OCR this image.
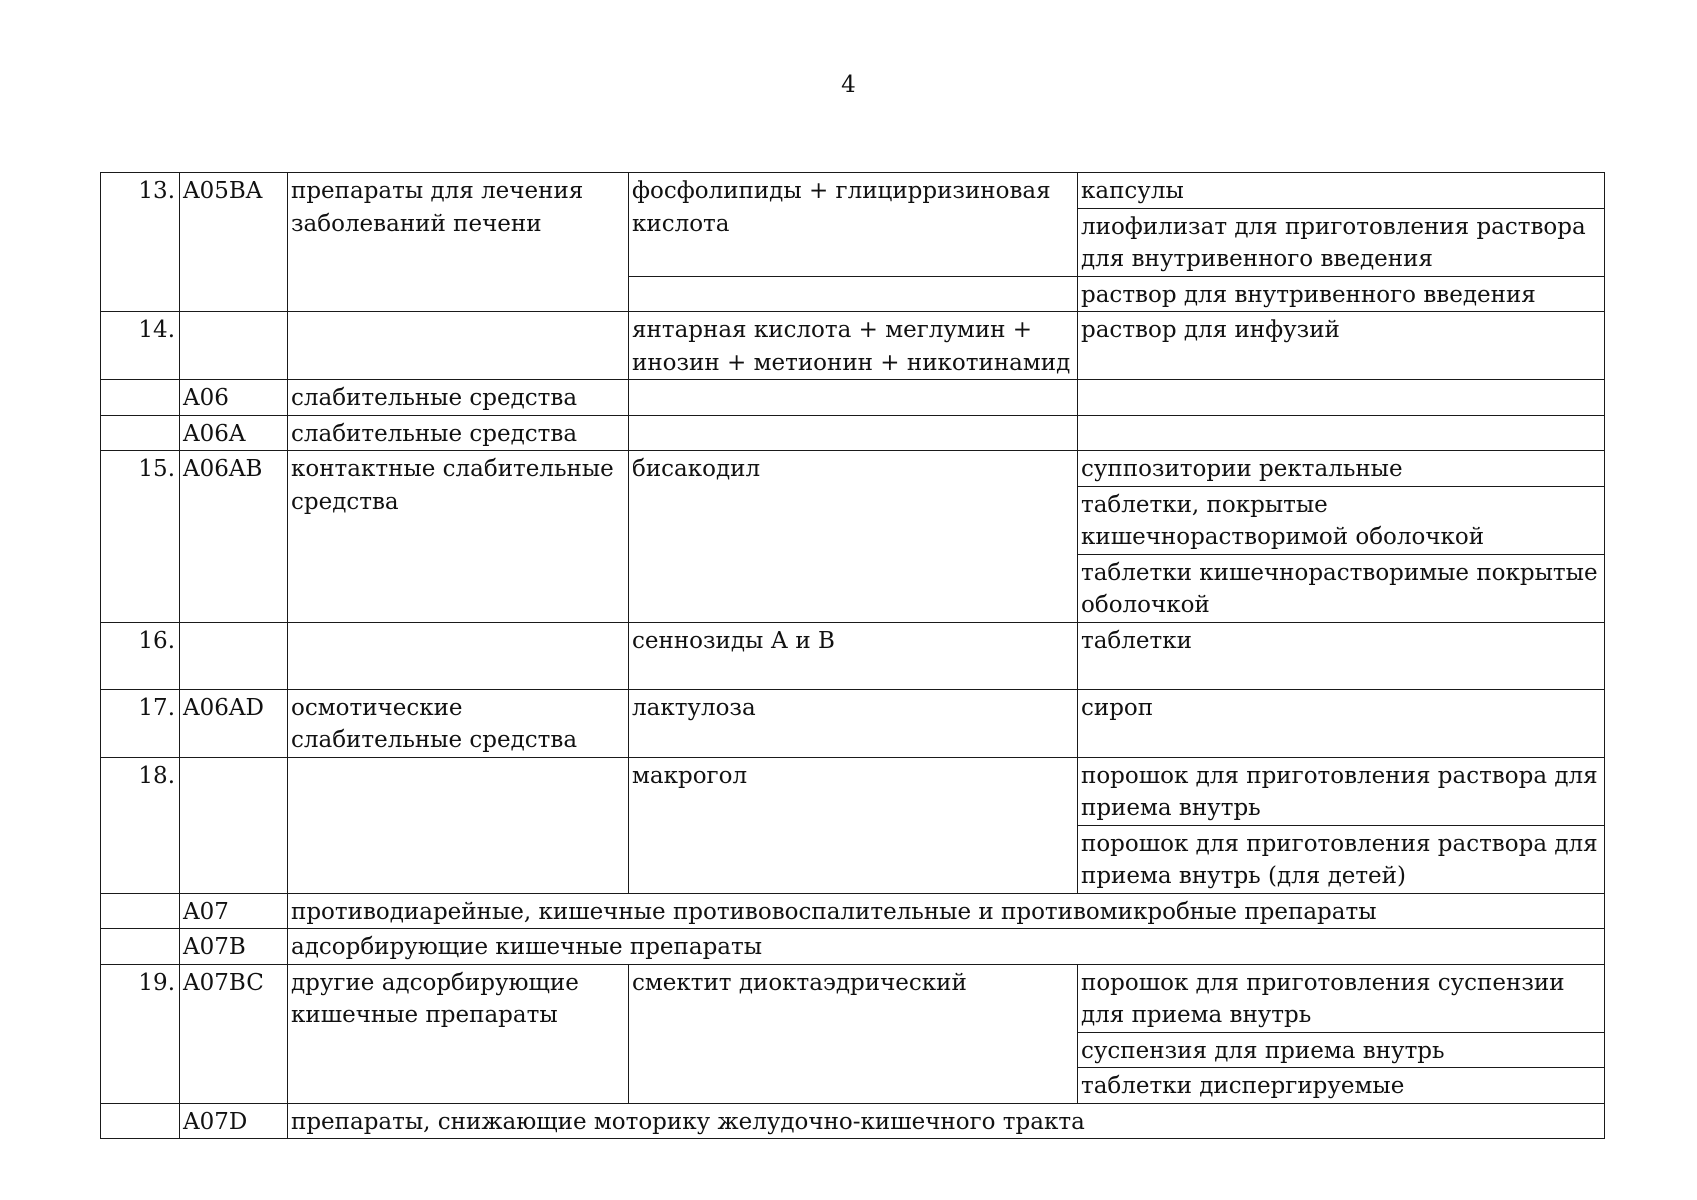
4
13.	A05BA	препараты для лечения заболеваний печени	фосфолипиды + глицирризиновая кислота	капсулы
				лиофилизат для приготовления раствора для внутривенного введения
				раствор для внутривенного введения
14.			янтарная кислота + меглумин + инозин + метионин + никотинамид	раствор для инфузий
	A06	слабительные средства		
	A06A	слабительные средства		
15.	A06AB	контактные слабительные средства	бисакодил	суппозитории ректальные
				таблетки, покрытые кишечнорастворимой оболочкой
				таблетки кишечнорастворимые покрытые оболочкой
16.			сеннозиды А и В	таблетки
17.	A06AD	осмотические слабительные средства	лактулоза	сироп
18.			макрогол	порошок для приготовления раствора для приема внутрь
				порошок для приготовления раствора для приема внутрь (для детей)
	A07	противодиарейные, кишечные противовоспалительные и противомикробные препараты		
	A07B	адсорбирующие кишечные препараты		
19.	A07BC	другие адсорбирующие кишечные препараты	смектит диоктаэдрический	порошок для приготовления суспензии для приема внутрь
				суспензия для приема внутрь
				таблетки диспергируемые
	A07D	препараты, снижающие моторику желудочно-кишечного тракта		
